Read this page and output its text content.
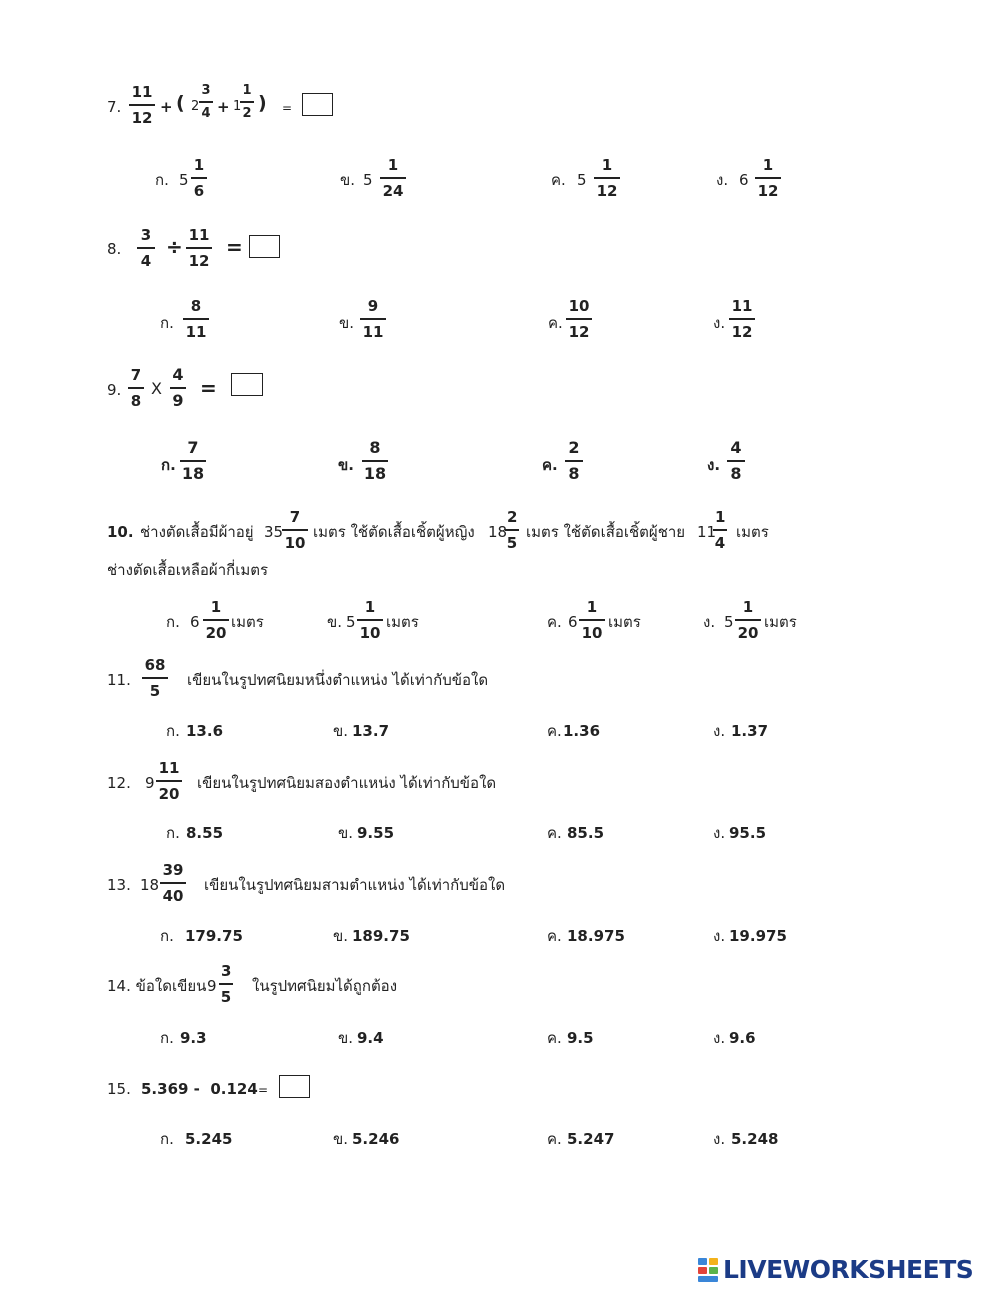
7. $\frac{11}{12}$ + ( $2 \frac{3}{4} + 1$
$\frac{1}{2}$ ) =
ก. $5 \frac{1}{6}$	ข. $5 \frac{1}{24}$	ค. $5 \frac{1}{12}$	ง. $6 \frac{1}{12}$
8. $\frac{3}{4} \div \frac{11}{12}$ =
ก. $\frac{8}{11}$	ข. $\frac{9}{11}$	ค. $\frac{10}{12}$	ง. $\frac{11}{12}$
9. $\frac{7}{8}$ X $\frac{4}{9}$ =
ก. $\frac{7}{18}$	ข. $\frac{8}{18}$	ค. $\frac{2}{8}$	ง. $\frac{4}{8}$
10. ช่างตัดเสื้อมีผ้าอยู่ 35
$\frac{7}{10}$ เมตร ใช้ตัดเสื้อเชิ้ตผู้หญิง 18
$\frac{2}{5}$ เมตร ใช้ตัดเสื้อเชิ้ตผู้ชาย 11
$\frac{1}{4}$ เมตร
ช่างตัดเสื้อเหลือผ้ากี่เมตร
ก. $6 \frac{1}{20}$ เมตร	ข. $5 \frac{1}{10}$ เมตร	ค. $6 \frac{1}{10}$ เมตร	ง. $5 \frac{1}{20}$ เมตร
11. $\frac{68}{5}$ เขียนในรูปทศนิยมหนึ่งตำแหน่ง ได้เท่ากับข้อใด
ก. 13.6	ข. 13.7	ค. 1.36	ง. 1.37
12. $9 \frac{11}{20}$ เขียนในรูปทศนิยมสองตำแหน่ง ได้เท่ากับข้อใด
ก. 8.55	ข. 9.55	ค. 85.5	ง. 95.5
13. $18 \frac{39}{40}$ เขียนในรูปทศนิยมสามตำแหน่ง ได้เท่ากับข้อใด
ก. 179.75	ข. 189.75	ค. 18.975	ง. 19.975
14. ข้อใดเขียน $9 \frac{3}{5}$ ในรูปทศนิยมได้ถูกต้อง
ก. 9.3	ข. 9.4	ค. 9.5	ง. 9.6
15. 5.369 -  0.124 =
ก. 5.245	ข. 5.246	ค. 5.247	ง. 5.248
LIVEWORKSHEETS
